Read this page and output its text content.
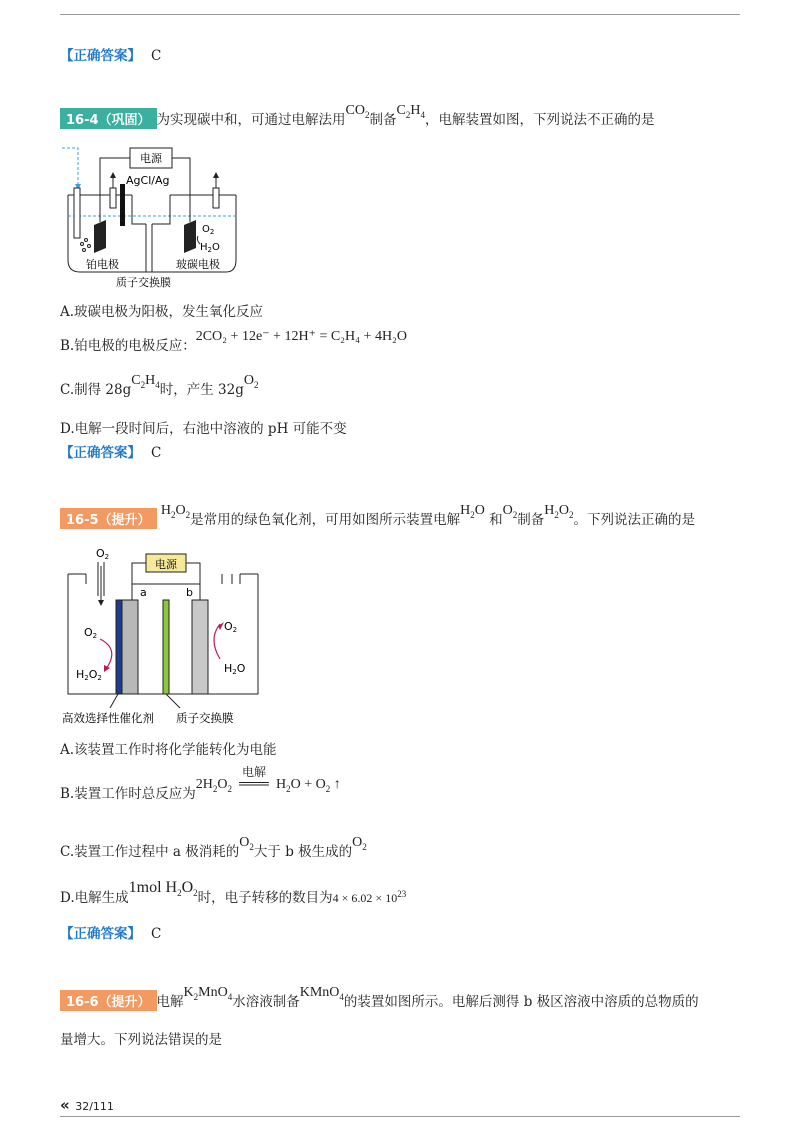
【正确答案】 C
16-4（巩固） 为实现碳中和，可通过电解法用$CO_2$制备$C_2H_4$，电解装置如图，下列说法不正确的是
电源
AgCl/Ag
$O_2$
$H_2O$
铂电极	玻碳电极
质子交换膜
A.玻碳电极为阳极，发生氧化反应
B.铂电极的电极反应：2CO₂ + 12e⁻ + 12H⁺ = C₂H₄ + 4H₂O
C.制得 $28gC_2H_4$时，产生 $32gO_2$
D.电解一段时间后，右池中溶液的 pH 可能不变
【正确答案】 C
16-5（提升） $H_2O_2$是常用的绿色氧化剂，可用如图所示装置电解$H_2O$ 和$O_2$制备$H_2O_2$。下列说法正确的是
O2
电源
a	b
O2
H2O2
O2
H2O
高效选择性催化剂 质子交换膜
A.该装置工作时将化学能转化为电能
B.装置工作时总反应为$2H_2O_2$
电解
═══ $H_2O + O_2$ ↑
C.装置工作过程中 a 极消耗的$O_2$大于 b 极生成的$O_2$
D.电解生成1mol $H_2O_2$时，电子转移的数目为$4 \times 6.02 \times 10^{23}$
【正确答案】 C
16-6（提升） 电解$K_2MnO_4$水溶液制备KMnO$_4$的装置如图所示。电解后测得 b 极区溶液中溶质的总物质的
量增大。下列说法错误的是
« 32/111
